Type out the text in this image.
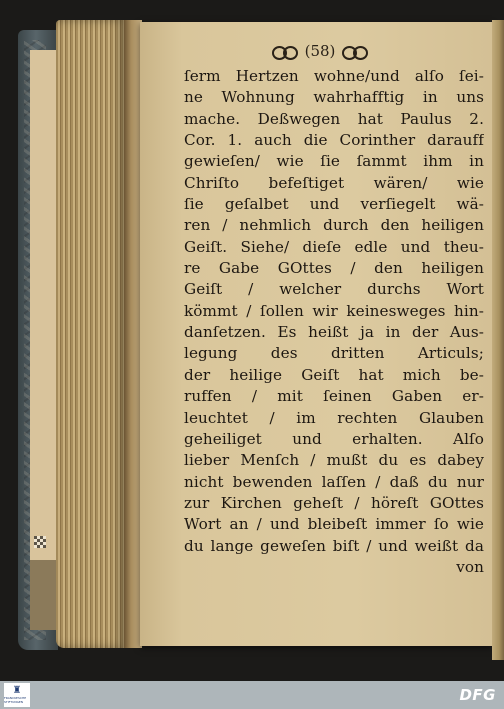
(58)
ſerm Hertzen wohne/und alſo ſei-
ne Wohnung wahrhafftig in uns
mache. Deßwegen hat Paulus 2.
Cor. 1. auch die Corinther darauff
gewieſen/ wie ſie ſammt ihm in
Chriſto befeſtiget wären/ wie
ſie geſalbet und verſiegelt wä-
ren / nehmlich durch den heiligen
Geiſt. Siehe/ dieſe edle und theu-
re Gabe GOttes / den heiligen
Geiſt / welcher durchs Wort
kömmt / ſollen wir keinesweges hin-
danſetzen. Es heißt ja in der Aus-
legung des dritten Articuls;
der heilige Geiſt hat mich be-
ruffen / mit ſeinen Gaben er-
leuchtet / im rechten Glauben
geheiliget und erhalten. Alſo
lieber Menſch / mußt du es dabey
nicht bewenden laſſen / daß du nur
zur Kirchen geheſt / höreſt GOttes
Wort an / und bleibeſt immer ſo wie
du lange geweſen biſt / und weißt da
von
♜
FRANCKESCHE STIFTUNGEN	DFG
